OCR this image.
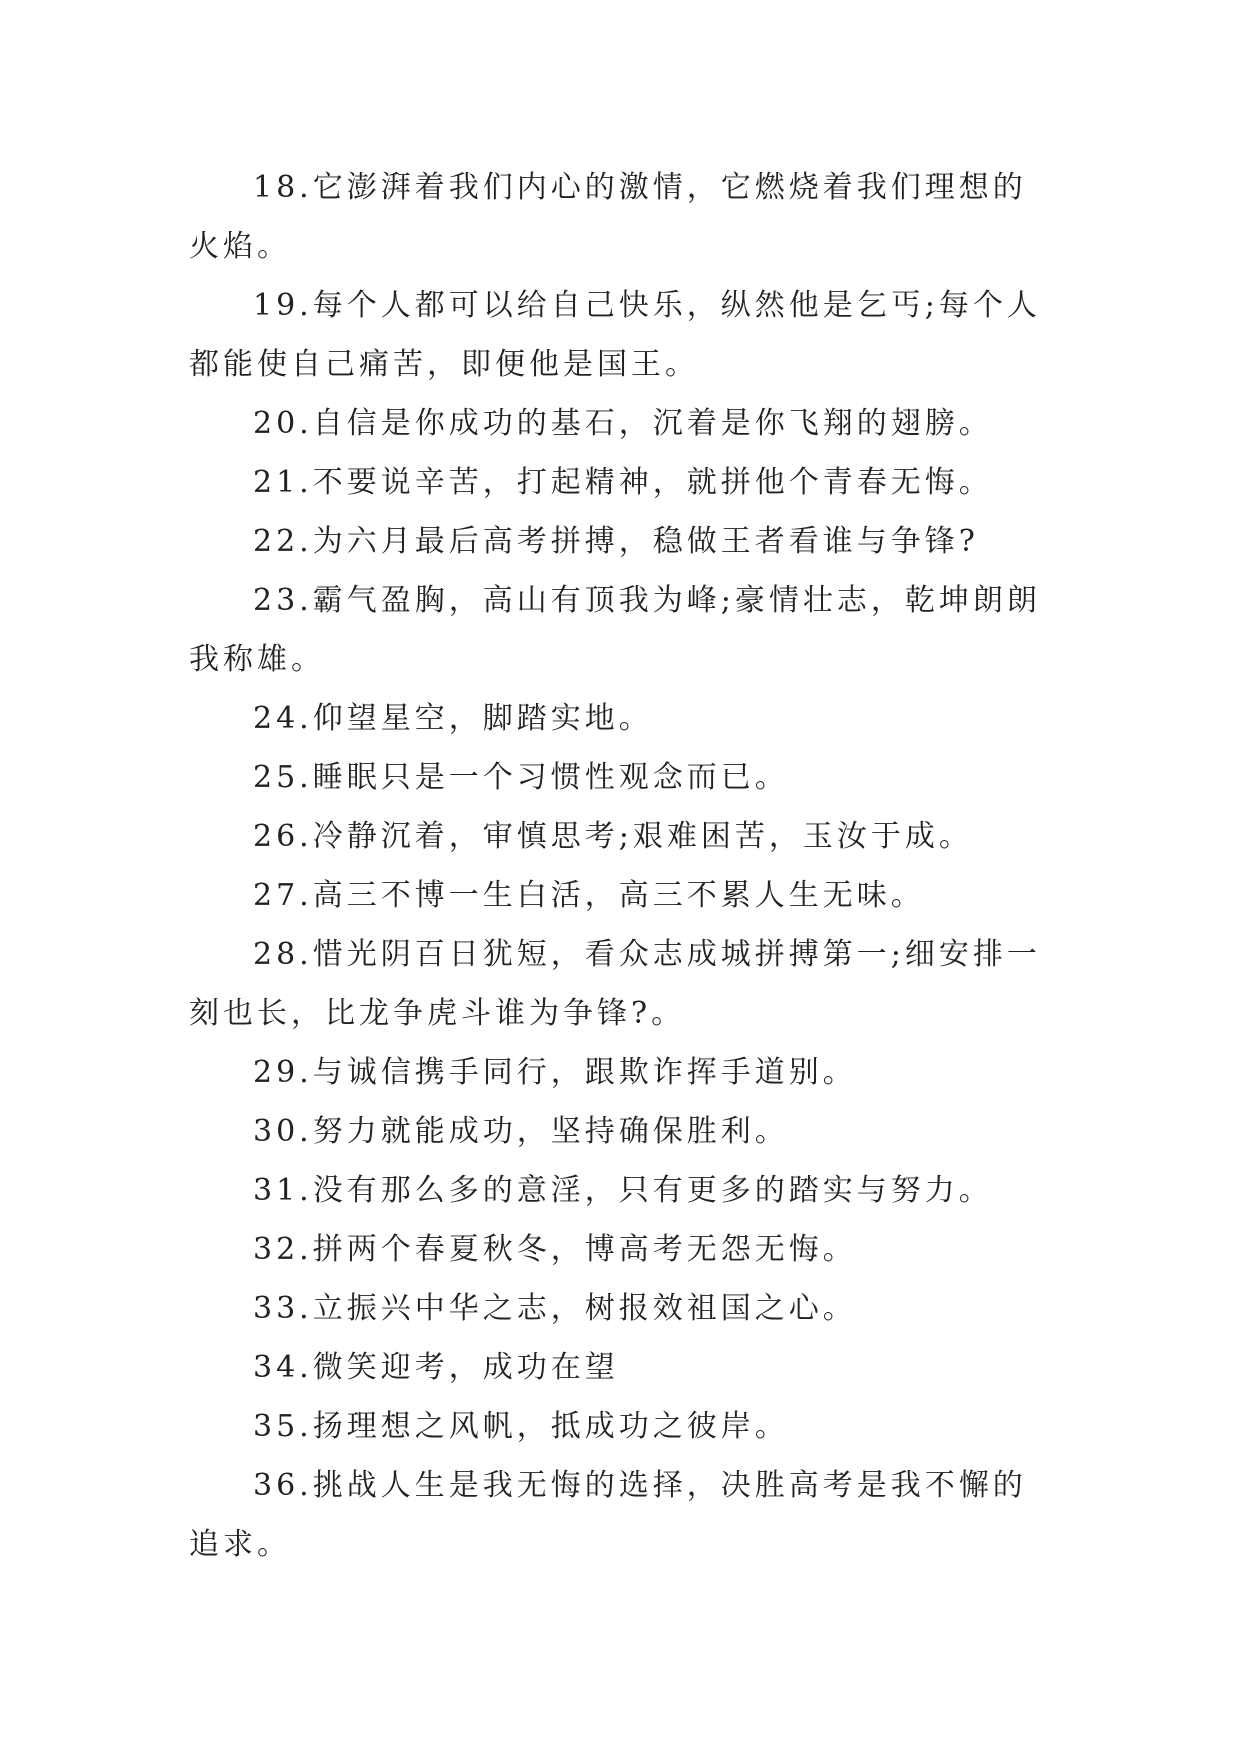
18.它澎湃着我们内心的激情，它燃烧着我们理想的火焰。

19.每个人都可以给自己快乐，纵然他是乞丐;每个人都能使自己痛苦，即便他是国王。

20.自信是你成功的基石，沉着是你飞翔的翅膀。

21.不要说辛苦，打起精神，就拼他个青春无悔。

22.为六月最后高考拼搏，稳做王者看谁与争锋?

23.霸气盈胸，高山有顶我为峰;豪情壮志，乾坤朗朗我称雄。

24.仰望星空，脚踏实地。

25.睡眠只是一个习惯性观念而已。

26.冷静沉着，审慎思考;艰难困苦，玉汝于成。

27.高三不博一生白活，高三不累人生无味。

28.惜光阴百日犹短，看众志成城拼搏第一;细安排一刻也长，比龙争虎斗谁为争锋?。

29.与诚信携手同行，跟欺诈挥手道别。

30.努力就能成功，坚持确保胜利。

31.没有那么多的意淫，只有更多的踏实与努力。

32.拼两个春夏秋冬，博高考无怨无悔。

33.立振兴中华之志，树报效祖国之心。

34.微笑迎考，成功在望

35.扬理想之风帆，抵成功之彼岸。

36.挑战人生是我无悔的选择，决胜高考是我不懈的追求。
